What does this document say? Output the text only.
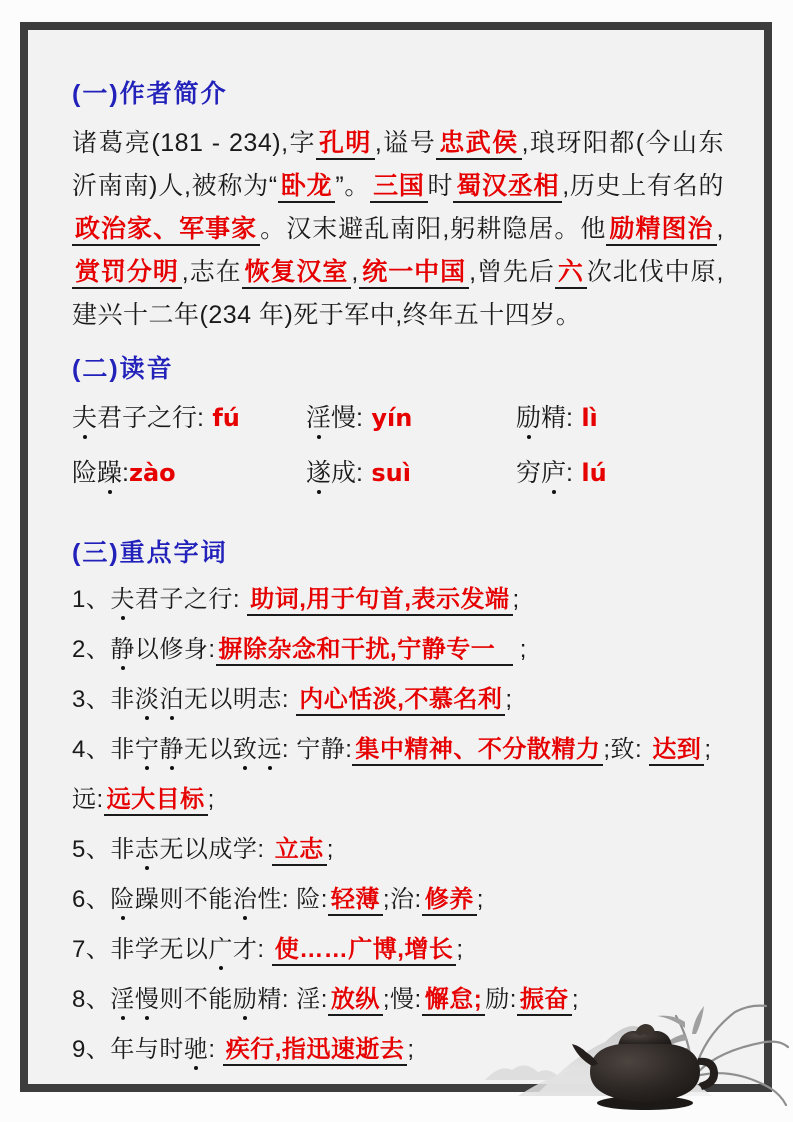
(一)作者简介

诸葛亮(181 - 234),字 孔明 ,谥号 忠武侯 ,琅玡阳都(今山东沂南南)人,被称为“ 卧龙 ”。 三国 时 蜀汉丞相 ,历史上有名的政治家、军事家 。汉末避乱南阳,躬耕隐居。他 励精图治 ,赏罚分明 ,志在 恢复汉室 , 统一中国 ,曾先后 六 次北伐中原,建兴十二年(234 年)死于军中,终年五十四岁。

(二)读音
夫君子之行: fú	淫慢: yín	励精: lì
险躁:zào	遂成: suì	穷庐: lú
(三)重点字词
1、夫君子之行: 助词,用于句首,表示发端 ;
2、静以修身: 摒除杂念和干扰,宁静专一   ;
3、非淡泊无以明志: 内心恬淡,不慕名利 ;
4、非宁静无以致远: 宁静: 集中精神、不分散精力 ;致: 达到 ;远: 远大目标 ;
5、非志无以成学: 立志 ;
6、险躁则不能治性: 险: 轻薄 ;治: 修养 ;
7、非学无以广才: 使……广博,增长 ;
8、淫慢则不能励精: 淫: 放纵 ;慢: 懈怠; 励: 振奋 ;
9、年与时驰: 疾行,指迅速逝去 ;
